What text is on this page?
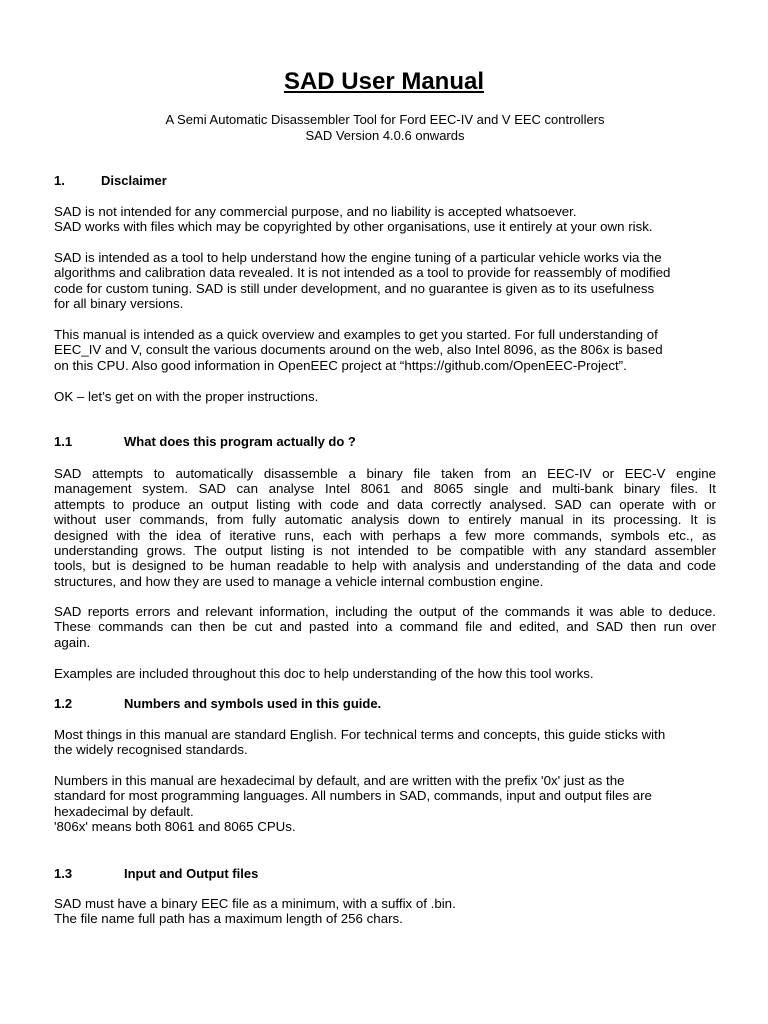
SAD User Manual
A Semi Automatic Disassembler Tool for Ford EEC-IV and V EEC controllers
SAD Version 4.0.6 onwards
1.	Disclaimer
SAD is not intended for any commercial purpose, and no liability is accepted whatsoever.
SAD works with files which may be copyrighted by other organisations, use it entirely at your own risk.
SAD is intended as a tool to help understand how the engine tuning of a particular vehicle works via the
algorithms and calibration data revealed. It is not intended as a tool to provide for reassembly of modified
code for custom tuning. SAD is still under development, and no guarantee is given as to its usefulness
for all binary versions.
This manual is intended as a quick overview and examples to get you started. For full understanding of
EEC_IV and V, consult the various documents around on the web, also Intel 8096, as the 806x is based
on this CPU. Also good information in OpenEEC project at “https://github.com/OpenEEC-Project”.
OK – let’s get on with the proper instructions.
1.1	What does this program actually do ?
SAD attempts to automatically disassemble a binary file taken from an EEC-IV or EEC-V engine
management system. SAD can analyse Intel 8061 and 8065 single and multi-bank binary files. It
attempts to produce an output listing with code and data correctly analysed. SAD can operate with or
without user commands, from fully automatic analysis down to entirely manual in its processing. It is
designed with the idea of iterative runs, each with perhaps a few more commands, symbols etc., as
understanding grows. The output listing is not intended to be compatible with any standard assembler
tools, but is designed to be human readable to help with analysis and understanding of the data and code
structures, and how they are used to manage a vehicle internal combustion engine.
SAD reports errors and relevant information, including the output of the commands it was able to deduce.
These commands can then be cut and pasted into a command file and edited, and SAD then run over
again.
Examples are included throughout this doc to help understanding of the how this tool works.
1.2	Numbers and symbols used in this guide.
Most things in this manual are standard English. For technical terms and concepts, this guide sticks with
the widely recognised standards.
Numbers in this manual are hexadecimal by default, and are written with the prefix '0x' just as the
standard for most programming languages. All numbers in SAD, commands, input and output files are
hexadecimal by default.
'806x' means both 8061 and 8065 CPUs.
1.3	Input and Output files
SAD must have a binary EEC file as a minimum, with a suffix of .bin.
The file name full path has a maximum length of 256 chars.
